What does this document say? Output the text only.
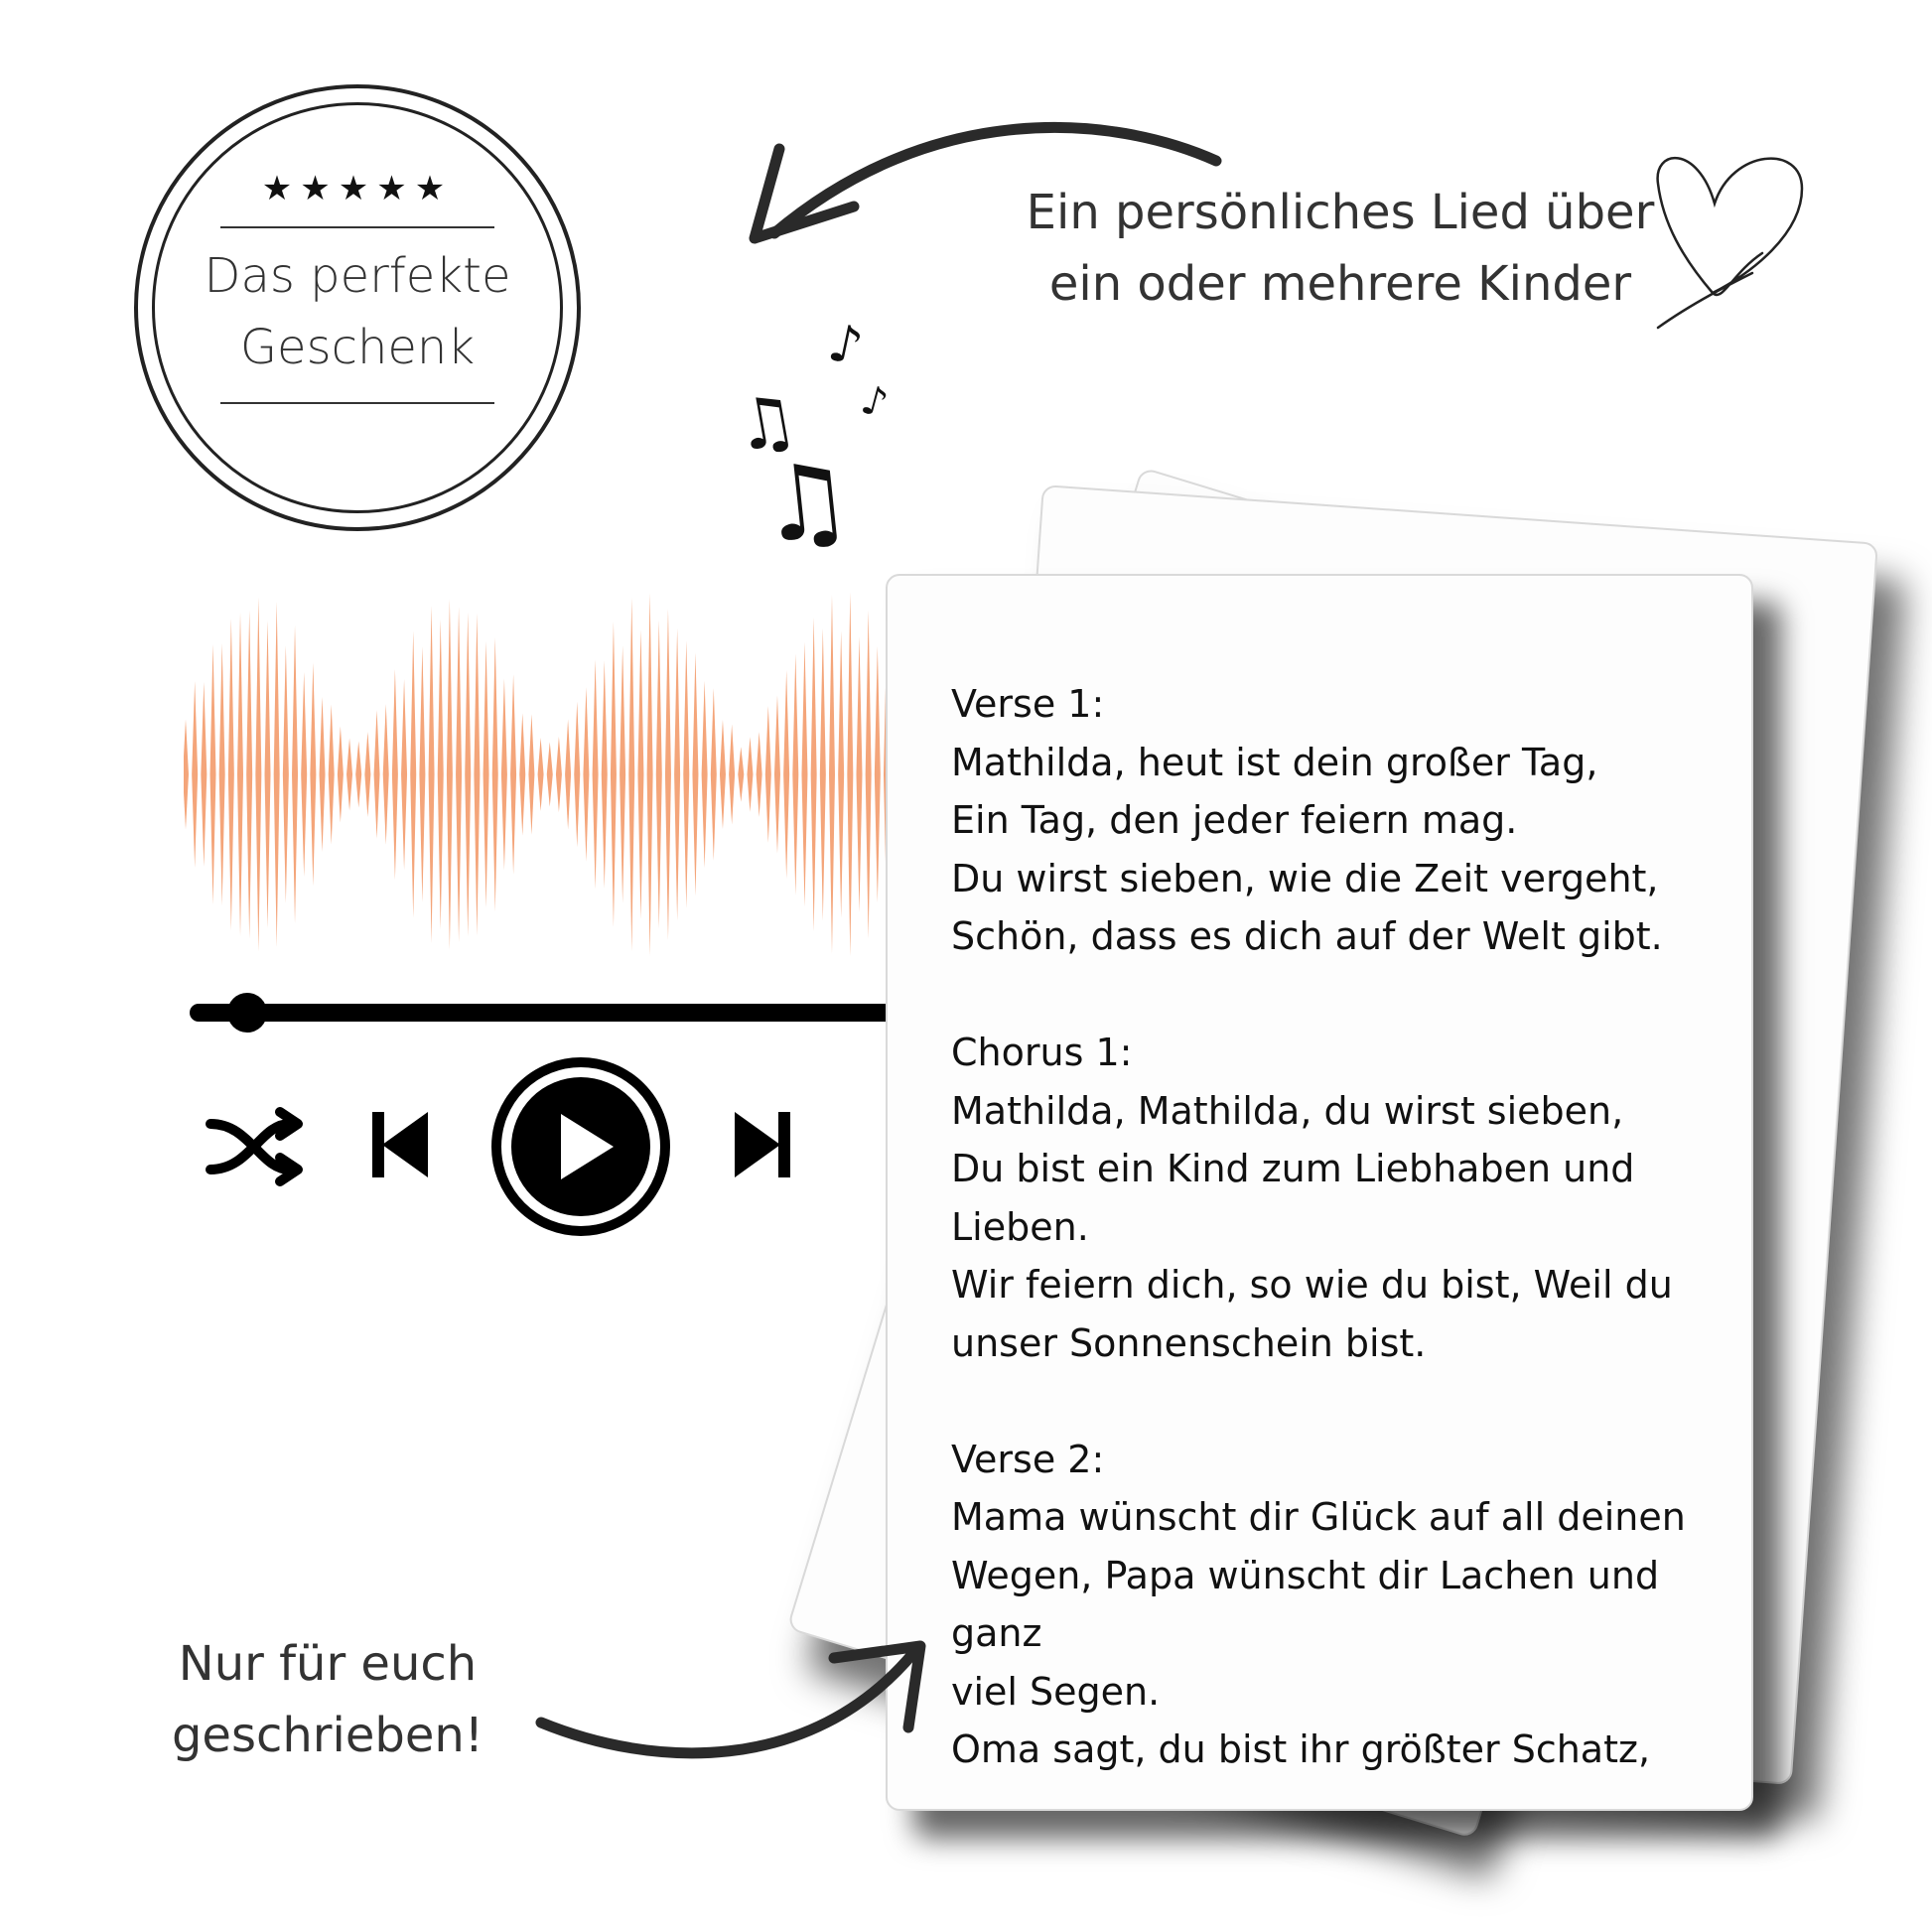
★★★★★
Das perfekte
Geschenk
Ein persönliches Lied über
ein oder mehrere Kinder
♫
♪
♪
♫
Nur für euch
geschrieben!
Verse 1:
Mathilda, heut ist dein großer Tag,
Ein Tag, den jeder feiern mag.
Du wirst sieben, wie die Zeit vergeht,
Schön, dass es dich auf der Welt gibt.

Chorus 1:
Mathilda, Mathilda, du wirst sieben,
Du bist ein Kind zum Liebhaben und
Lieben.
Wir feiern dich, so wie du bist, Weil du
unser Sonnenschein bist.

Verse 2:
Mama wünscht dir Glück auf all deinen
Wegen, Papa wünscht dir Lachen und ganz
viel Segen.
Oma sagt, du bist ihr größter Schatz,
